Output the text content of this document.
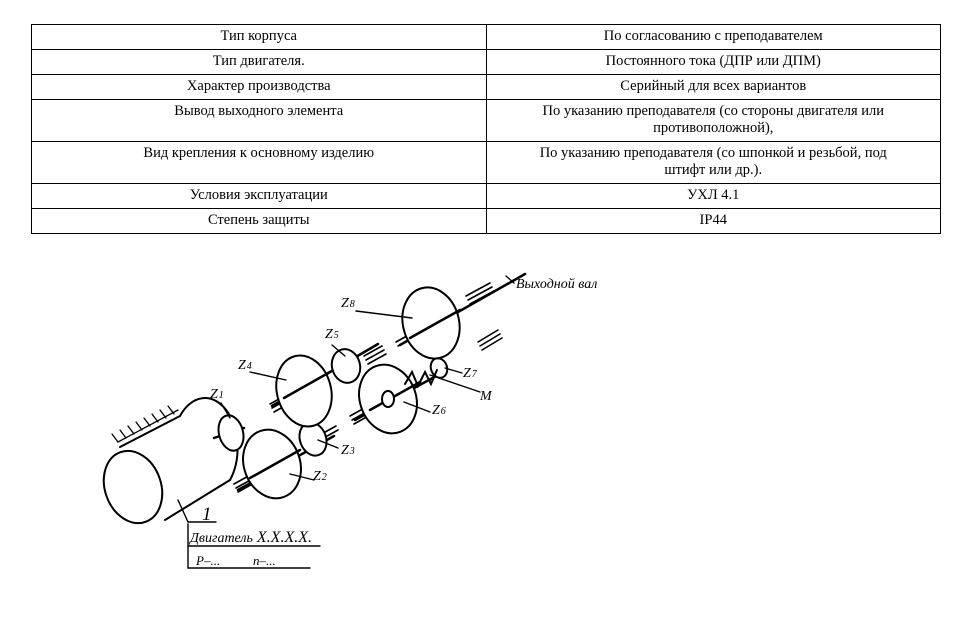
Тип корпуса	По согласованию с преподавателем
Тип двигателя.	Постоянного тока (ДПР или ДПМ)
Характер производства	Серийный для всех вариантов
Вывод выходного элемента	По указанию преподавателя (со стороны двигателя или противоположной),
Вид крепления к основному изделию	По указанию преподавателя (со шпонкой и резьбой, под штифт или др.).
Условия эксплуатации	УХЛ 4.1
Степень защиты	IP44
Выходной вал
Z8
Z5
Z4
Z1
Z7
Z6
Z3
Z2
M
1
Двигатель X.X.X.X.
P–...	n–...
